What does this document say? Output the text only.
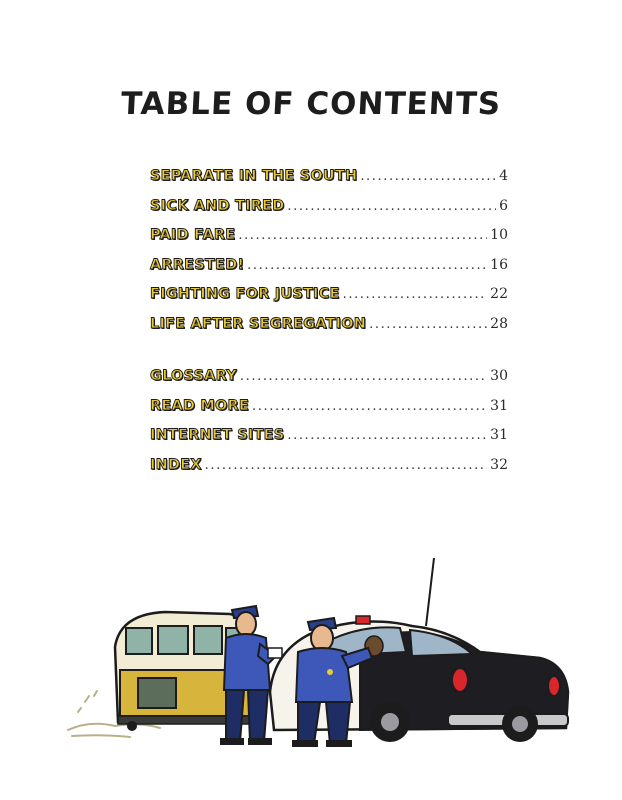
TABLE OF CONTENTS
SEPARATE IN THE SOUTH .....	4
SICK AND TIRED .....	6
PAID FARE .....	10
ARRESTED! .....	16
FIGHTING FOR JUSTICE .....	22
LIFE AFTER SEGREGATION .....	28
GLOSSARY .....	30
READ MORE .....	31
INTERNET SITES .....	31
INDEX .....	32
